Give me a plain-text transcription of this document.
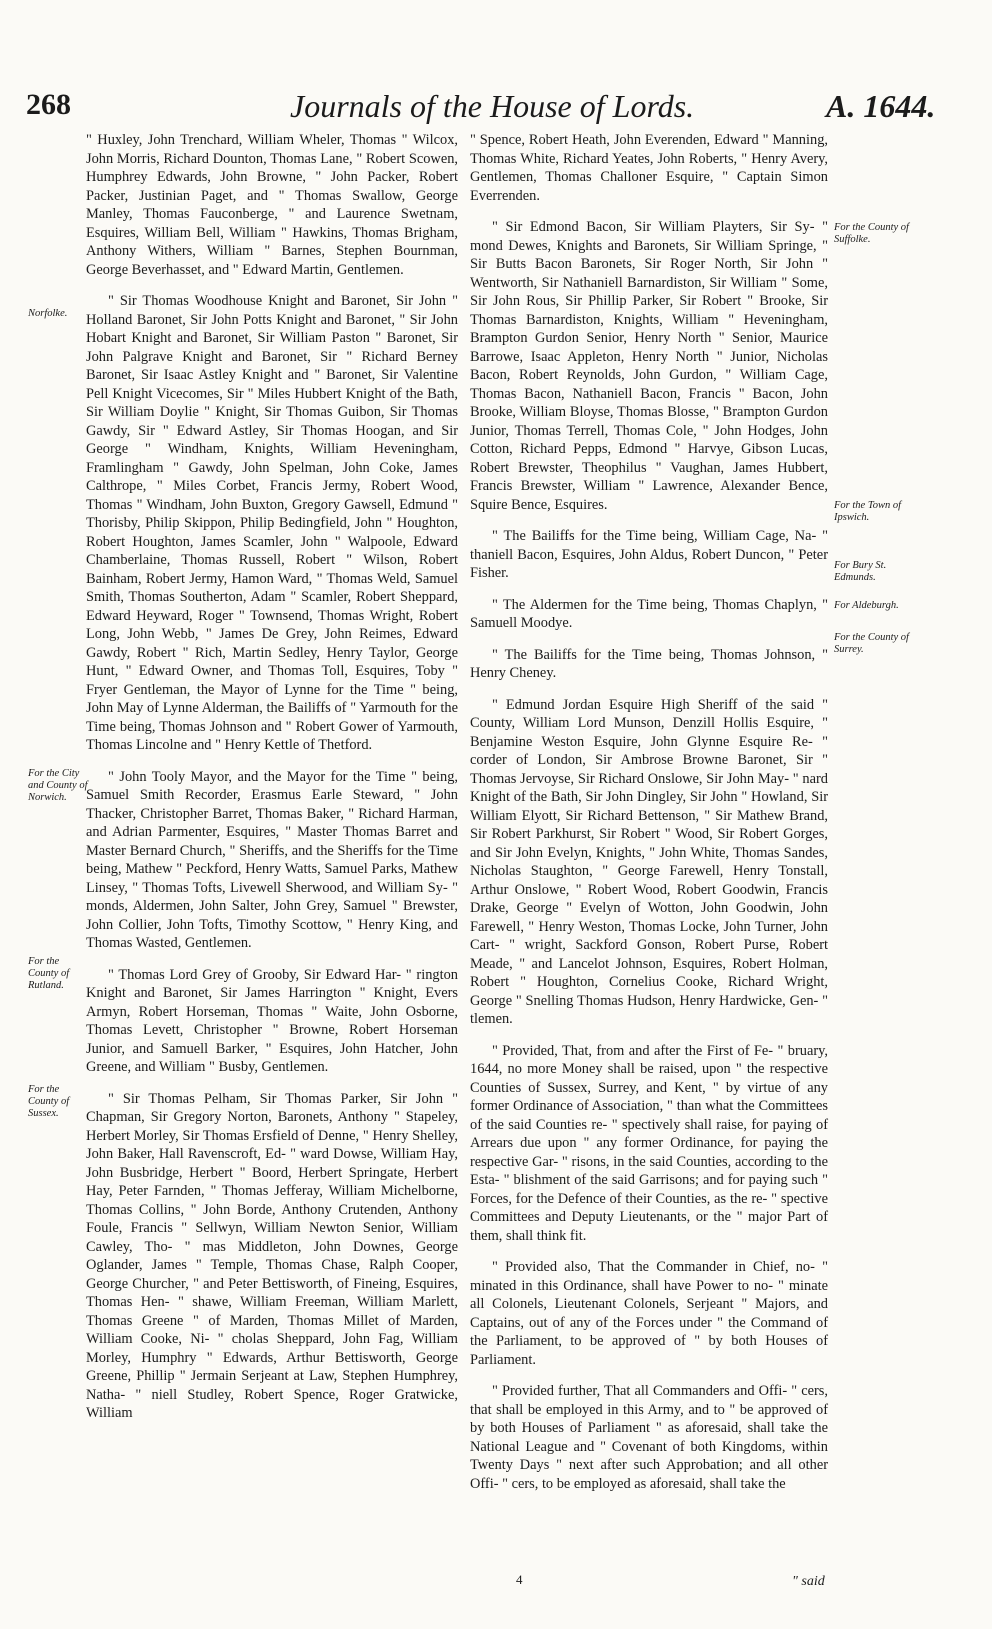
268	Journals of the House of Lords.	A. 1644.
Norfolke.
For the City and County of Norwich.
For the County of Rutland.
For the County of Sussex.
For the County of Suffolke.
For the Town of Ipswich.
For Bury St. Edmunds.
For Aldeburgh.
For the County of Surrey.

" Huxley, John Trenchard, William Wheler, Thomas " Wilcox, John Morris, Richard Dounton, Thomas Lane, " Robert Scowen, Humphrey Edwards, John Browne, " John Packer, Robert Packer, Justinian Paget, and " Thomas Swallow, George Manley, Thomas Fauconberge, " and Laurence Swetnam, Esquires, William Bell, William " Hawkins, Thomas Brigham, Anthony Withers, William " Barnes, Stephen Bournman, George Beverhasset, and " Edward Martin, Gentlemen.

" Sir Thomas Woodhouse Knight and Baronet, Sir John " Holland Baronet, Sir John Potts Knight and Baronet, " Sir John Hobart Knight and Baronet, Sir William Paston " Baronet, Sir John Palgrave Knight and Baronet, Sir " Richard Berney Baronet, Sir Isaac Astley Knight and " Baronet, Sir Valentine Pell Knight Vicecomes, Sir " Miles Hubbert Knight of the Bath, Sir William Doylie " Knight, Sir Thomas Guibon, Sir Thomas Gawdy, Sir " Edward Astley, Sir Thomas Hoogan, and Sir George " Windham, Knights, William Heveningham, Framlingham " Gawdy, John Spelman, John Coke, James Calthrope, " Miles Corbet, Francis Jermy, Robert Wood, Thomas " Windham, John Buxton, Gregory Gawsell, Edmund " Thorisby, Philip Skippon, Philip Bedingfield, John " Houghton, Robert Houghton, James Scamler, John " Walpoole, Edward Chamberlaine, Thomas Russell, Robert " Wilson, Robert Bainham, Robert Jermy, Hamon Ward, " Thomas Weld, Samuel Smith, Thomas Southerton, Adam " Scamler, Robert Sheppard, Edward Heyward, Roger " Townsend, Thomas Wright, Robert Long, John Webb, " James De Grey, John Reimes, Edward Gawdy, Robert " Rich, Martin Sedley, Henry Taylor, George Hunt, " Edward Owner, and Thomas Toll, Esquires, Toby " Fryer Gentleman, the Mayor of Lynne for the Time " being, John May of Lynne Alderman, the Bailiffs of " Yarmouth for the Time being, Thomas Johnson and " Robert Gower of Yarmouth, Thomas Lincolne and " Henry Kettle of Thetford.

" John Tooly Mayor, and the Mayor for the Time " being, Samuel Smith Recorder, Erasmus Earle Steward, " John Thacker, Christopher Barret, Thomas Baker, " Richard Harman, and Adrian Parmenter, Esquires, " Master Thomas Barret and Master Bernard Church, " Sheriffs, and the Sheriffs for the Time being, Mathew " Peckford, Henry Watts, Samuel Parks, Mathew Linsey, " Thomas Tofts, Livewell Sherwood, and William Sy- " monds, Aldermen, John Salter, John Grey, Samuel " Brewster, John Collier, John Tofts, Timothy Scottow, " Henry King, and Thomas Wasted, Gentlemen.

" Thomas Lord Grey of Grooby, Sir Edward Har- " rington Knight and Baronet, Sir James Harrington " Knight, Evers Armyn, Robert Horseman, Thomas " Waite, John Osborne, Thomas Levett, Christopher " Browne, Robert Horseman Junior, and Samuell Barker, " Esquires, John Hatcher, John Greene, and William " Busby, Gentlemen.

" Sir Thomas Pelham, Sir Thomas Parker, Sir John " Chapman, Sir Gregory Norton, Baronets, Anthony " Stapeley, Herbert Morley, Sir Thomas Ersfield of Denne, " Henry Shelley, John Baker, Hall Ravenscroft, Ed- " ward Dowse, William Hay, John Busbridge, Herbert " Boord, Herbert Springate, Herbert Hay, Peter Farnden, " Thomas Jefferay, William Michelborne, Thomas Collins, " John Borde, Anthony Crutenden, Anthony Foule, Francis " Sellwyn, William Newton Senior, William Cawley, Tho- " mas Middleton, John Downes, George Oglander, James " Temple, Thomas Chase, Ralph Cooper, George Churcher, " and Peter Bettisworth, of Fineing, Esquires, Thomas Hen- " shawe, William Freeman, William Marlett, Thomas Greene " of Marden, Thomas Millet of Marden, William Cooke, Ni- " cholas Sheppard, John Fag, William Morley, Humphry " Edwards, Arthur Bettisworth, George Greene, Phillip " Jermain Serjeant at Law, Stephen Humphrey, Natha- " niell Studley, Robert Spence, Roger Gratwicke, William

" Spence, Robert Heath, John Everenden, Edward " Manning, Thomas White, Richard Yeates, John Roberts, " Henry Avery, Gentlemen, Thomas Challoner Esquire, " Captain Simon Everrenden.

" Sir Edmond Bacon, Sir William Playters, Sir Sy- " mond Dewes, Knights and Baronets, Sir William Springe, " Sir Butts Bacon Baronets, Sir Roger North, Sir John " Wentworth, Sir Nathaniell Barnardiston, Sir William " Some, Sir John Rous, Sir Phillip Parker, Sir Robert " Brooke, Sir Thomas Barnardiston, Knights, William " Heveningham, Brampton Gurdon Senior, Henry North " Senior, Maurice Barrowe, Isaac Appleton, Henry North " Junior, Nicholas Bacon, Robert Reynolds, John Gurdon, " William Cage, Thomas Bacon, Nathaniell Bacon, Francis " Bacon, John Brooke, William Bloyse, Thomas Blosse, " Brampton Gurdon Junior, Thomas Terrell, Thomas Cole, " John Hodges, John Cotton, Richard Pepps, Edmond " Harvye, Gibson Lucas, Robert Brewster, Theophilus " Vaughan, James Hubbert, Francis Brewster, William " Lawrence, Alexander Bence, Squire Bence, Esquires.

" The Bailiffs for the Time being, William Cage, Na- " thaniell Bacon, Esquires, John Aldus, Robert Duncon, " Peter Fisher.

" The Aldermen for the Time being, Thomas Chaplyn, " Samuell Moodye.

" The Bailiffs for the Time being, Thomas Johnson, " Henry Cheney.

" Edmund Jordan Esquire High Sheriff of the said " County, William Lord Munson, Denzill Hollis Esquire, " Benjamine Weston Esquire, John Glynne Esquire Re- " corder of London, Sir Ambrose Browne Baronet, Sir " Thomas Jervoyse, Sir Richard Onslowe, Sir John May- " nard Knight of the Bath, Sir John Dingley, Sir John " Howland, Sir William Elyott, Sir Richard Bettenson, " Sir Mathew Brand, Sir Robert Parkhurst, Sir Robert " Wood, Sir Robert Gorges, and Sir John Evelyn, Knights, " John White, Thomas Sandes, Nicholas Staughton, " George Farewell, Henry Tonstall, Arthur Onslowe, " Robert Wood, Robert Goodwin, Francis Drake, George " Evelyn of Wotton, John Goodwin, John Farewell, " Henry Weston, Thomas Locke, John Turner, John Cart- " wright, Sackford Gonson, Robert Purse, Robert Meade, " and Lancelot Johnson, Esquires, Robert Holman, Robert " Houghton, Cornelius Cooke, Richard Wright, George " Snelling Thomas Hudson, Henry Hardwicke, Gen- " tlemen.

" Provided, That, from and after the First of Fe- " bruary, 1644, no more Money shall be raised, upon " the respective Counties of Sussex, Surrey, and Kent, " by virtue of any former Ordinance of Association, " than what the Committees of the said Counties re- " spectively shall raise, for paying of Arrears due upon " any former Ordinance, for paying the respective Gar- " risons, in the said Counties, according to the Esta- " blishment of the said Garrisons; and for paying such " Forces, for the Defence of their Counties, as the re- " spective Committees and Deputy Lieutenants, or the " major Part of them, shall think fit.

" Provided also, That the Commander in Chief, no- " minated in this Ordinance, shall have Power to no- " minate all Colonels, Lieutenant Colonels, Serjeant " Majors, and Captains, out of any of the Forces under " the Command of the Parliament, to be approved of " by both Houses of Parliament.

" Provided further, That all Commanders and Offi- " cers, that shall be employed in this Army, and to " be approved of by both Houses of Parliament " as aforesaid, shall take the National League and " Covenant of both Kingdoms, within Twenty Days " next after such Approbation; and all other Offi- " cers, to be employed as aforesaid, shall take the

4	" said
